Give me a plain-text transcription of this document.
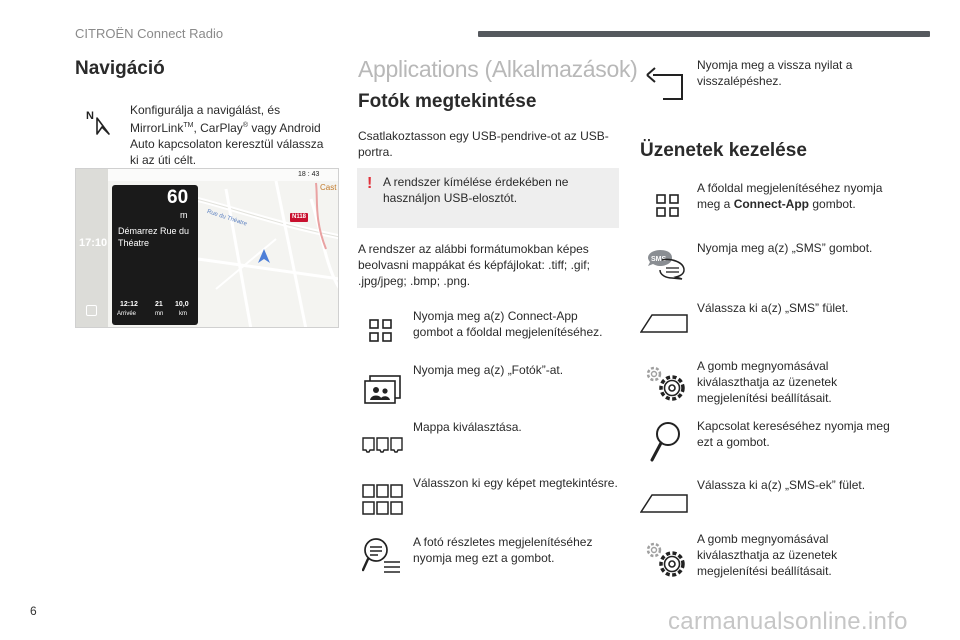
CITROËN Connect Radio
Navigáció
N	Konfigurálja a navigálást, és MirrorLink™, CarPlay® vagy Android Auto kapcsolaton keresztül válassza ki az úti célt.
18 : 43
Cast
17:10
Rue du Théatre	N118
60
m
Démarrez Rue du Théatre
12:12
Arrivée
21
mn
10,0
km
Applications (Alkalmazások)
Fotók megtekintése
Csatlakoztasson egy USB-pendrive-ot az USB-portra.
! A rendszer kímélése érdekében ne használjon USB-elosztót.
A rendszer az alábbi formátumokban képes beolvasni mappákat és képfájlokat: .tiff; .gif; .jpg/jpeg; .bmp; .png.
Nyomja meg a(z) Connect-App gombot a főoldal megjelenítéséhez.
Nyomja meg a(z) „Fotók”-at.
Mappa kiválasztása.
Válasszon ki egy képet megtekintésre.
A fotó részletes megjelenítéséhez nyomja meg ezt a gombot.
Nyomja meg a vissza nyilat a visszalépéshez.
Üzenetek kezelése
A főoldal megjelenítéséhez nyomja meg a Connect-App gombot.
SMS
Nyomja meg a(z) „SMS” gombot.
Válassza ki a(z) „SMS” fület.
A gomb megnyomásával kiválaszthatja az üzenetek megjelenítési beállításait.
Kapcsolat kereséséhez nyomja meg ezt a gombot.
Válassza ki a(z) „SMS-ek” fület.
A gomb megnyomásával kiválaszthatja az üzenetek megjelenítési beállításait.
6	carmanualsonline.info
